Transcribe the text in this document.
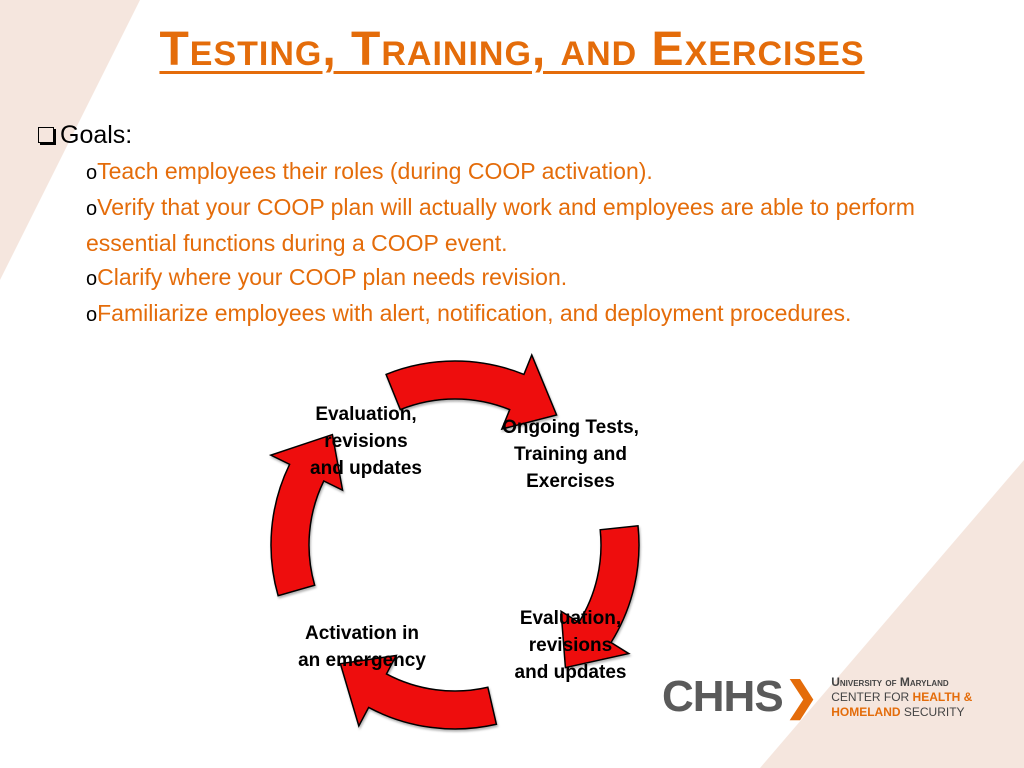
Testing, Training, and Exercises
Goals:
oTeach employees their roles (during COOP activation).
oVerify that your COOP plan will actually work and employees are able to perform essential functions during a COOP event.
oClarify where your COOP plan needs revision.
oFamiliarize employees with alert, notification, and deployment procedures.
Ongoing Tests,
Training and
Exercises
Evaluation,
revisions
and updates
Activation in
an emergency
Evaluation,
revisions
and updates
CHHS ❯ University of Maryland
CENTER FOR HEALTH &
HOMELAND SECURITY
